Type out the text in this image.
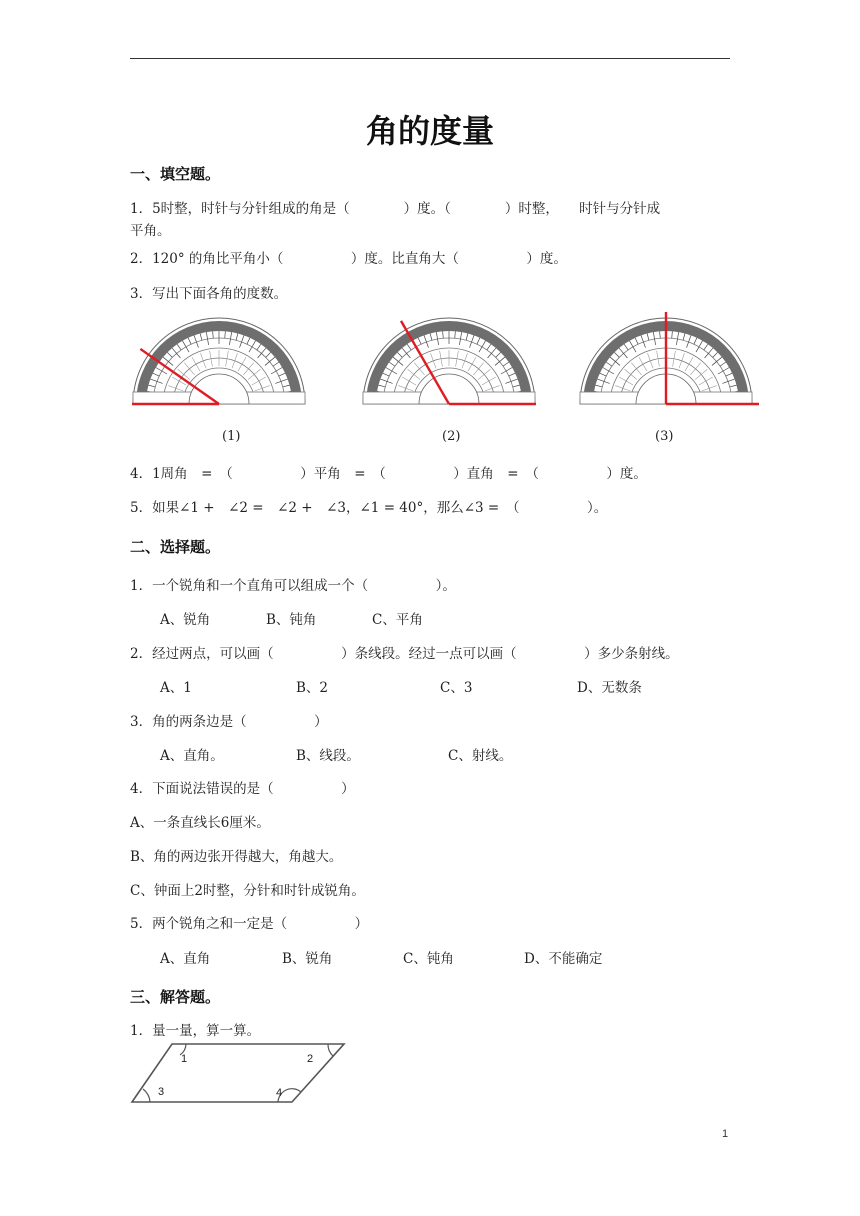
角的度量
一、填空题。
1．5时整，时针与分针组成的角是（　　　　）度。（　　　　）时整，　　时针与分针成
平角。
2．120° 的角比平角小（　　　　　）度。比直角大（　　　　　）度。
3．写出下面各角的度数。
(1)	(2)	(3)
4．1周角　=　（　　　　　）平角　=　（　　　　　）直角　=　（　　　　　）度。
5．如果∠1 +　∠2 =　∠2 +　∠3，∠1 = 40°，那么∠3 =　（　　　　　）。
二、选择题。
1．一个锐角和一个直角可以组成一个（　　　　　）。
A、锐角	B、钝角	C、平角
2．经过两点，可以画（　　　　　）条线段。经过一点可以画（　　　　　）多少条射线。
A、1	B、2	C、3	D、无数条
3．角的两条边是（　　　　　）
A、直角。	B、线段。	C、射线。
4．下面说法错误的是（　　　　　）
A、一条直线长6厘米。
B、角的两边张开得越大，角越大。
C、钟面上2时整，分针和时针成锐角。
5．两个锐角之和一定是（　　　　　）
A、直角	B、锐角	C、钝角	D、不能确定
三、解答题。
1．量一量，算一算。
1	2
3	4
1
